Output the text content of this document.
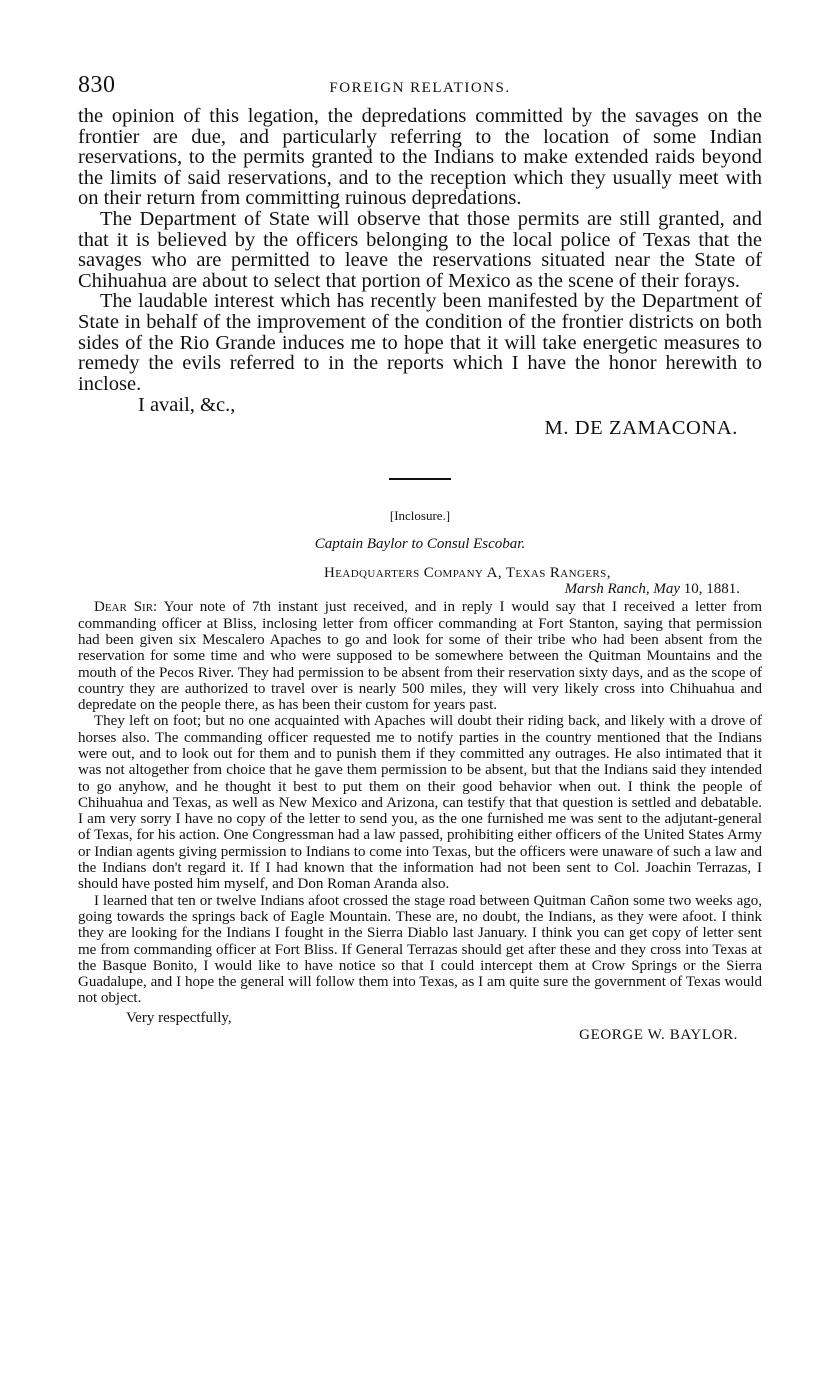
830	FOREIGN RELATIONS.

the opinion of this legation, the depredations committed by the savages on the frontier are due, and particularly referring to the location of some Indian reservations, to the permits granted to the Indians to make extended raids beyond the limits of said reservations, and to the reception which they usually meet with on their return from committing ruinous depredations.

The Department of State will observe that those permits are still granted, and that it is believed by the officers belonging to the local police of Texas that the savages who are permitted to leave the reservations situated near the State of Chihuahua are about to select that portion of Mexico as the scene of their forays.

The laudable interest which has recently been manifested by the Department of State in behalf of the improvement of the condition of the frontier districts on both sides of the Rio Grande induces me to hope that it will take energetic measures to remedy the evils referred to in the reports which I have the honor herewith to inclose.

I avail, &c.,
M. DE ZAMACONA.
[Inclosure.]
Captain Baylor to Consul Escobar.
Headquarters Company A, Texas Rangers,
Marsh Ranch, May 10, 1881.

Dear Sir: Your note of 7th instant just received, and in reply I would say that I received a letter from commanding officer at Bliss, inclosing letter from officer commanding at Fort Stanton, saying that permission had been given six Mescalero Apaches to go and look for some of their tribe who had been absent from the reservation for some time and who were supposed to be somewhere between the Quitman Mountains and the mouth of the Pecos River. They had permission to be absent from their reservation sixty days, and as the scope of country they are authorized to travel over is nearly 500 miles, they will very likely cross into Chihuahua and depredate on the people there, as has been their custom for years past.

They left on foot; but no one acquainted with Apaches will doubt their riding back, and likely with a drove of horses also. The commanding officer requested me to notify parties in the country mentioned that the Indians were out, and to look out for them and to punish them if they committed any outrages. He also intimated that it was not altogether from choice that he gave them permission to be absent, but that the Indians said they intended to go anyhow, and he thought it best to put them on their good behavior when out. I think the people of Chihuahua and Texas, as well as New Mexico and Arizona, can testify that that question is settled and debatable. I am very sorry I have no copy of the letter to send you, as the one furnished me was sent to the adjutant-general of Texas, for his action. One Congressman had a law passed, prohibiting either officers of the United States Army or Indian agents giving permission to Indians to come into Texas, but the officers were unaware of such a law and the Indians don't regard it. If I had known that the information had not been sent to Col. Joachin Terrazas, I should have posted him myself, and Don Roman Aranda also.

I learned that ten or twelve Indians afoot crossed the stage road between Quitman Cañon some two weeks ago, going towards the springs back of Eagle Mountain. These are, no doubt, the Indians, as they were afoot. I think they are looking for the Indians I fought in the Sierra Diablo last January. I think you can get copy of letter sent me from commanding officer at Fort Bliss. If General Terrazas should get after these and they cross into Texas at the Basque Bonito, I would like to have notice so that I could intercept them at Crow Springs or the Sierra Guadalupe, and I hope the general will follow them into Texas, as I am quite sure the government of Texas would not object.

Very respectfully,
GEORGE W. BAYLOR.
